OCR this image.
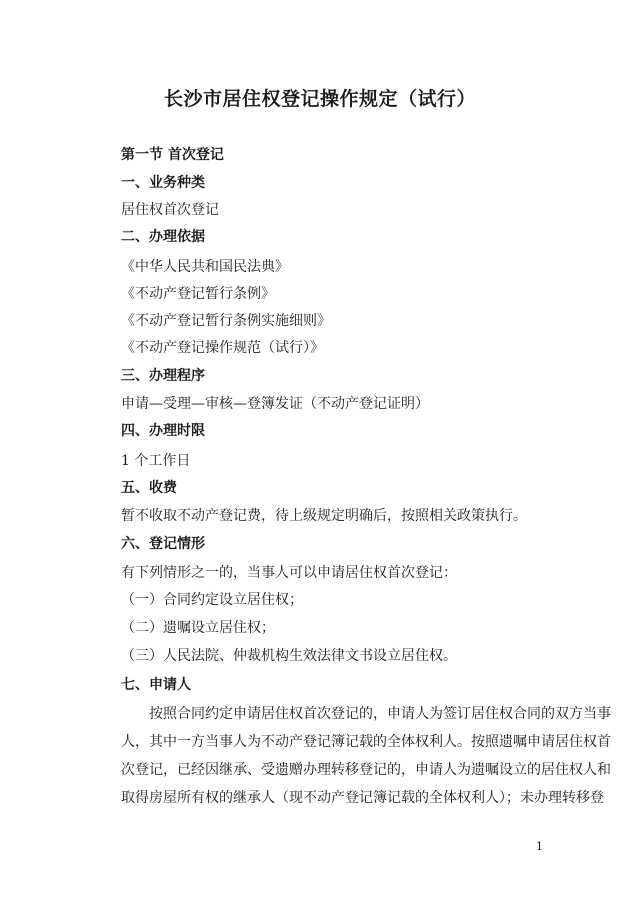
长沙市居住权登记操作规定（试行）
第一节 首次登记
一、业务种类
居住权首次登记
二、办理依据
《中华人民共和国民法典》
《不动产登记暂行条例》
《不动产登记暂行条例实施细则》
《不动产登记操作规范（试行）》
三、办理程序
申请—受理—审核—登簿发证（不动产登记证明）
四、办理时限
1 个工作日
五、收费
暂不收取不动产登记费，待上级规定明确后，按照相关政策执行。
六、登记情形
有下列情形之一的，当事人可以申请居住权首次登记：
（一）合同约定设立居住权；
（二）遗嘱设立居住权；
（三）人民法院、仲裁机构生效法律文书设立居住权。
七、申请人
按照合同约定申请居住权首次登记的，申请人为签订居住权合同的双方当事
人，其中一方当事人为不动产登记簿记载的全体权利人。按照遗嘱申请居住权首
次登记，已经因继承、受遗赠办理转移登记的，申请人为遗嘱设立的居住权人和
取得房屋所有权的继承人（现不动产登记簿记载的全体权利人）；未办理转移登
1
